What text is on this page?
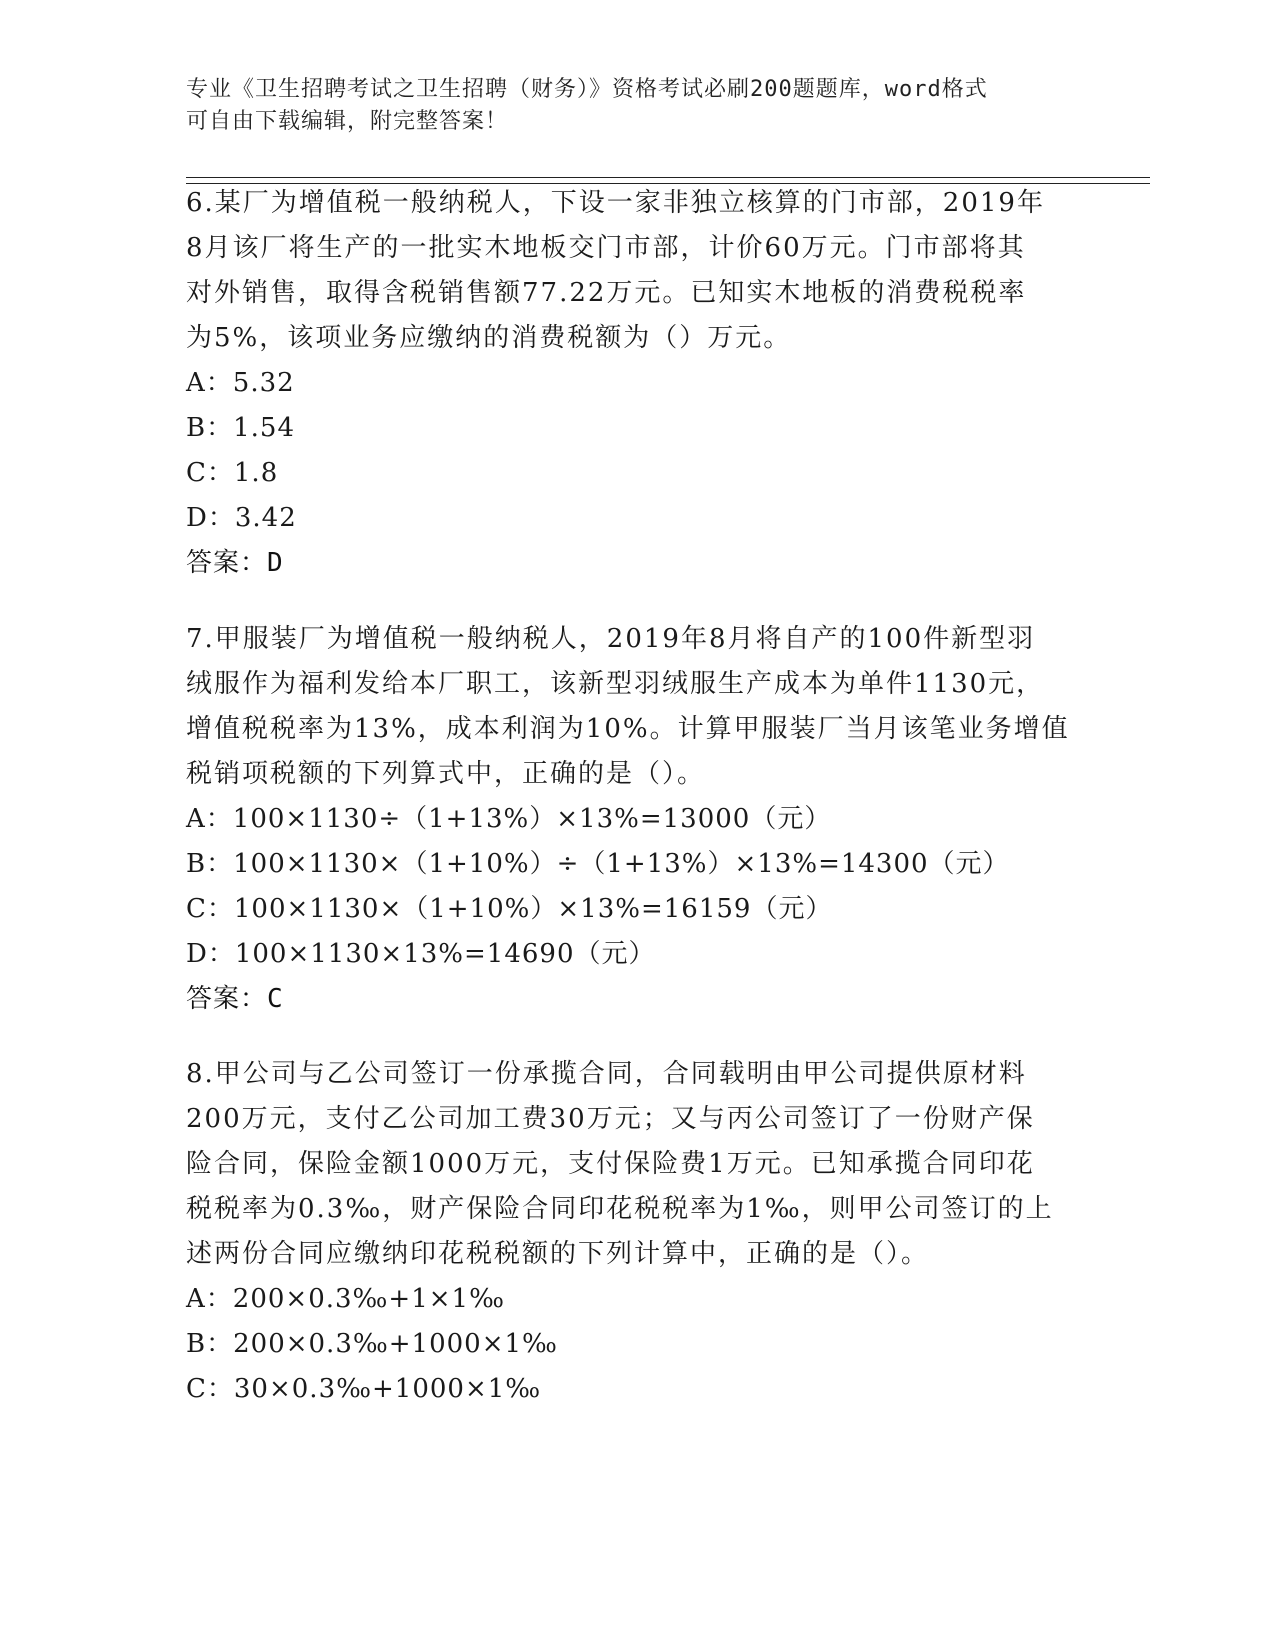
专业《卫生招聘考试之卫生招聘（财务）》资格考试必刷200题题库，word格式
可自由下载编辑，附完整答案！
6.某厂为增值税一般纳税人，下设一家非独立核算的门市部，2019年
8月该厂将生产的一批实木地板交门市部，计价60万元。门市部将其
对外销售，取得含税销售额77.22万元。已知实木地板的消费税税率
为5%，该项业务应缴纳的消费税额为（）万元。
A：5.32
B：1.54
C：1.8
D：3.42
答案：D
7.甲服装厂为增值税一般纳税人，2019年8月将自产的100件新型羽
绒服作为福利发给本厂职工，该新型羽绒服生产成本为单件1130元，
增值税税率为13%，成本利润为10%。计算甲服装厂当月该笔业务增值
税销项税额的下列算式中，正确的是（）。
A：100×1130÷（1+13%）×13%=13000（元）
B：100×1130×（1+10%）÷（1+13%）×13%=14300（元）
C：100×1130×（1+10%）×13%=16159（元）
D：100×1130×13%=14690（元）
答案：C
8.甲公司与乙公司签订一份承揽合同，合同载明由甲公司提供原材料
200万元，支付乙公司加工费30万元；又与丙公司签订了一份财产保
险合同，保险金额1000万元，支付保险费1万元。已知承揽合同印花
税税率为0.3‰，财产保险合同印花税税率为1‰，则甲公司签订的上
述两份合同应缴纳印花税税额的下列计算中，正确的是（）。
A：200×0.3‰+1×1‰
B：200×0.3‰+1000×1‰
C：30×0.3‰+1000×1‰
